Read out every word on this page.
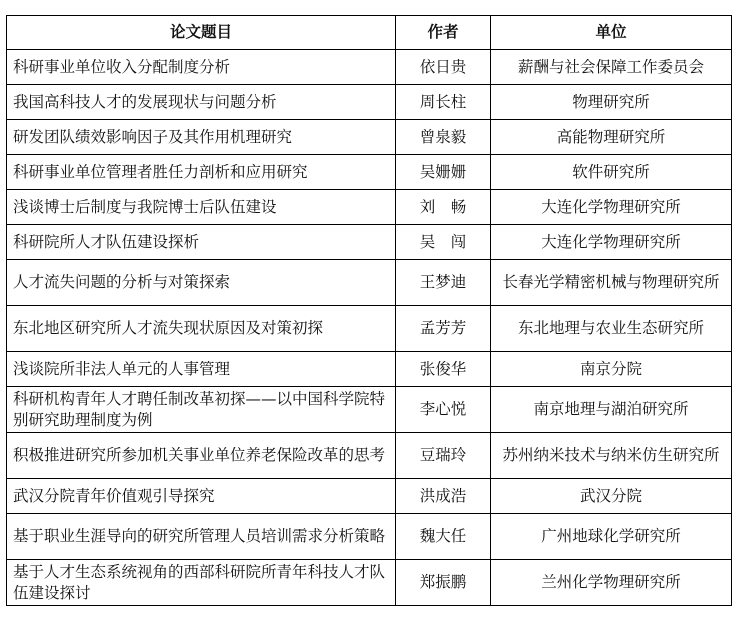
论文题目	作者	单位
科研事业单位收入分配制度分析	依日贵	薪酬与社会保障工作委员会
我国高科技人才的发展现状与问题分析	周长柱	物理研究所
研发团队绩效影响因子及其作用机理研究	曾泉毅	高能物理研究所
科研事业单位管理者胜任力剖析和应用研究	吴姗姗	软件研究所
浅谈博士后制度与我院博士后队伍建设	刘　畅	大连化学物理研究所
科研院所人才队伍建设探析	吴　闯	大连化学物理研究所
人才流失问题的分析与对策探索	王梦迪	长春光学精密机械与物理研究所
东北地区研究所人才流失现状原因及对策初探	孟芳芳	东北地理与农业生态研究所
浅谈院所非法人单元的人事管理	张俊华	南京分院
科研机构青年人才聘任制改革初探——以中国科学院特别研究助理制度为例	李心悦	南京地理与湖泊研究所
积极推进研究所参加机关事业单位养老保险改革的思考	豆瑞玲	苏州纳米技术与纳米仿生研究所
武汉分院青年价值观引导探究	洪成浩	武汉分院
基于职业生涯导向的研究所管理人员培训需求分析策略	魏大任	广州地球化学研究所
基于人才生态系统视角的西部科研院所青年科技人才队伍建设探讨	郑振鹏	兰州化学物理研究所
